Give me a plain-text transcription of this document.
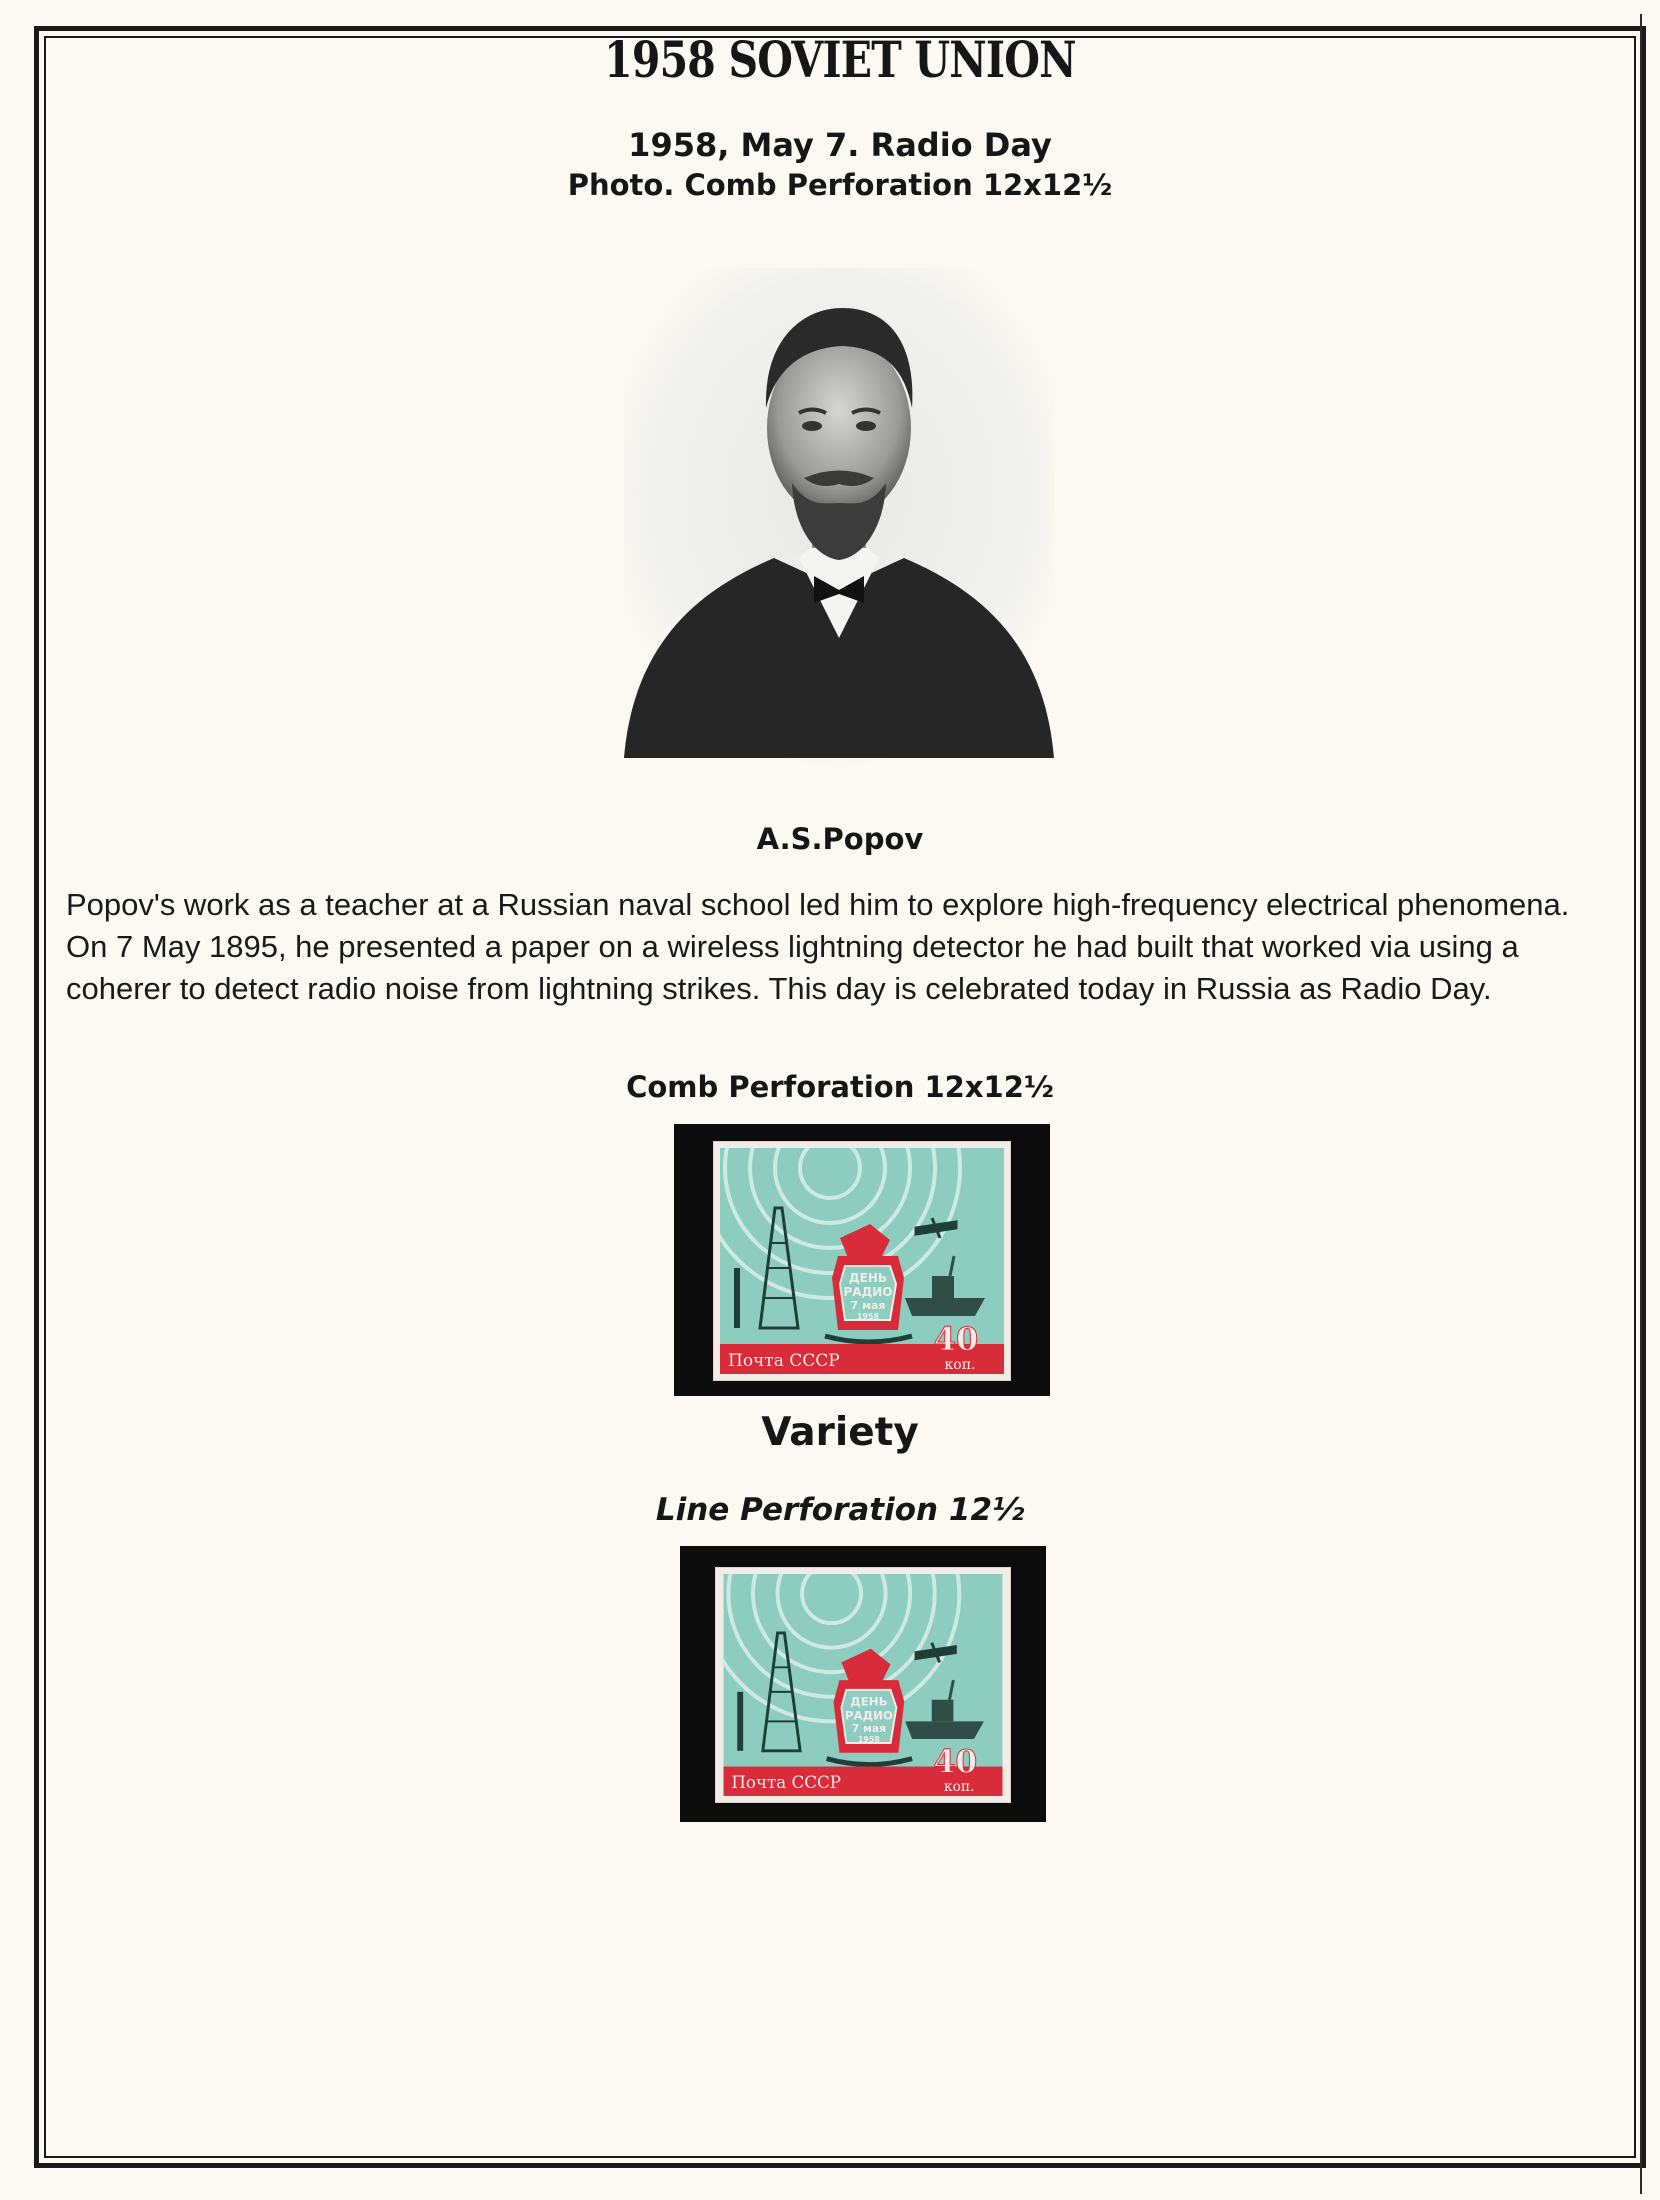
1958 SOVIET UNION
1958, May 7. Radio Day
Photo. Comb Perforation 12x12½
A.S.Popov
Popov's work as a teacher at a Russian naval school led him to explore high-frequency electrical phenomena. On 7 May 1895, he presented a paper on a wireless lightning detector he had built that worked via using a coherer to detect radio noise from lightning strikes. This day is celebrated today in Russia as Radio Day.
Comb Perforation 12x12½
ДЕНЬ
РАДИО
7 мая
1958
Почта СССР
40
коп.
Variety
Line Perforation 12½
ДЕНЬ
РАДИО
7 мая
1958
Почта СССР
40
коп.
